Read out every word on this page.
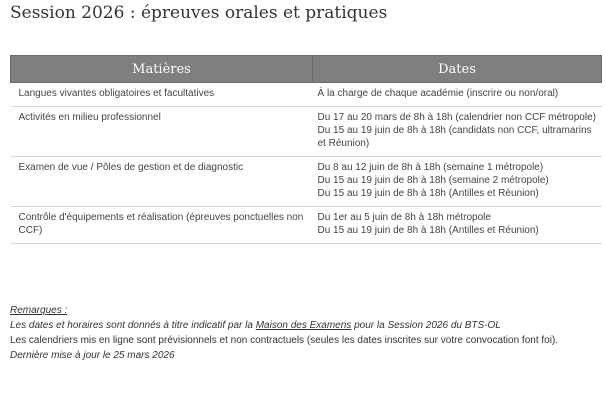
Session 2026 : épreuves orales et pratiques
Matières	Dates
Langues vivantes obligatoires et facultatives	À la charge de chaque académie (inscrire ou non/oral)

Activités en milieu professionnel	Du 17 au 20 mars de 8h à 18h (calendrier non CCF métropole)
Du 15 au 19 juin de 8h à 18h (candidats non CCF, ultramarins et Réunion)

Examen de vue / Pôles de gestion et de diagnostic	Du 8 au 12 juin de 8h à 18h (semaine 1 métropole)
Du 15 au 19 juin de 8h à 18h (semaine 2 métropole)
Du 15 au 19 juin de 8h à 18h (Antilles et Réunion)

Contrôle d'équipements et réalisation (épreuves ponctuelles non CCF)	Du 1er au 5 juin de 8h à 18h métropole
Du 15 au 19 juin de 8h à 18h (Antilles et Réunion)

Remarques :

Les dates et horaires sont donnés à titre indicatif par la Maison des Examens pour la Session 2026 du BTS-OL

Les calendriers mis en ligne sont prévisionnels et non contractuels (seules les dates inscrites sur votre convocation font foi).

Dernière mise à jour le 25 mars 2026
